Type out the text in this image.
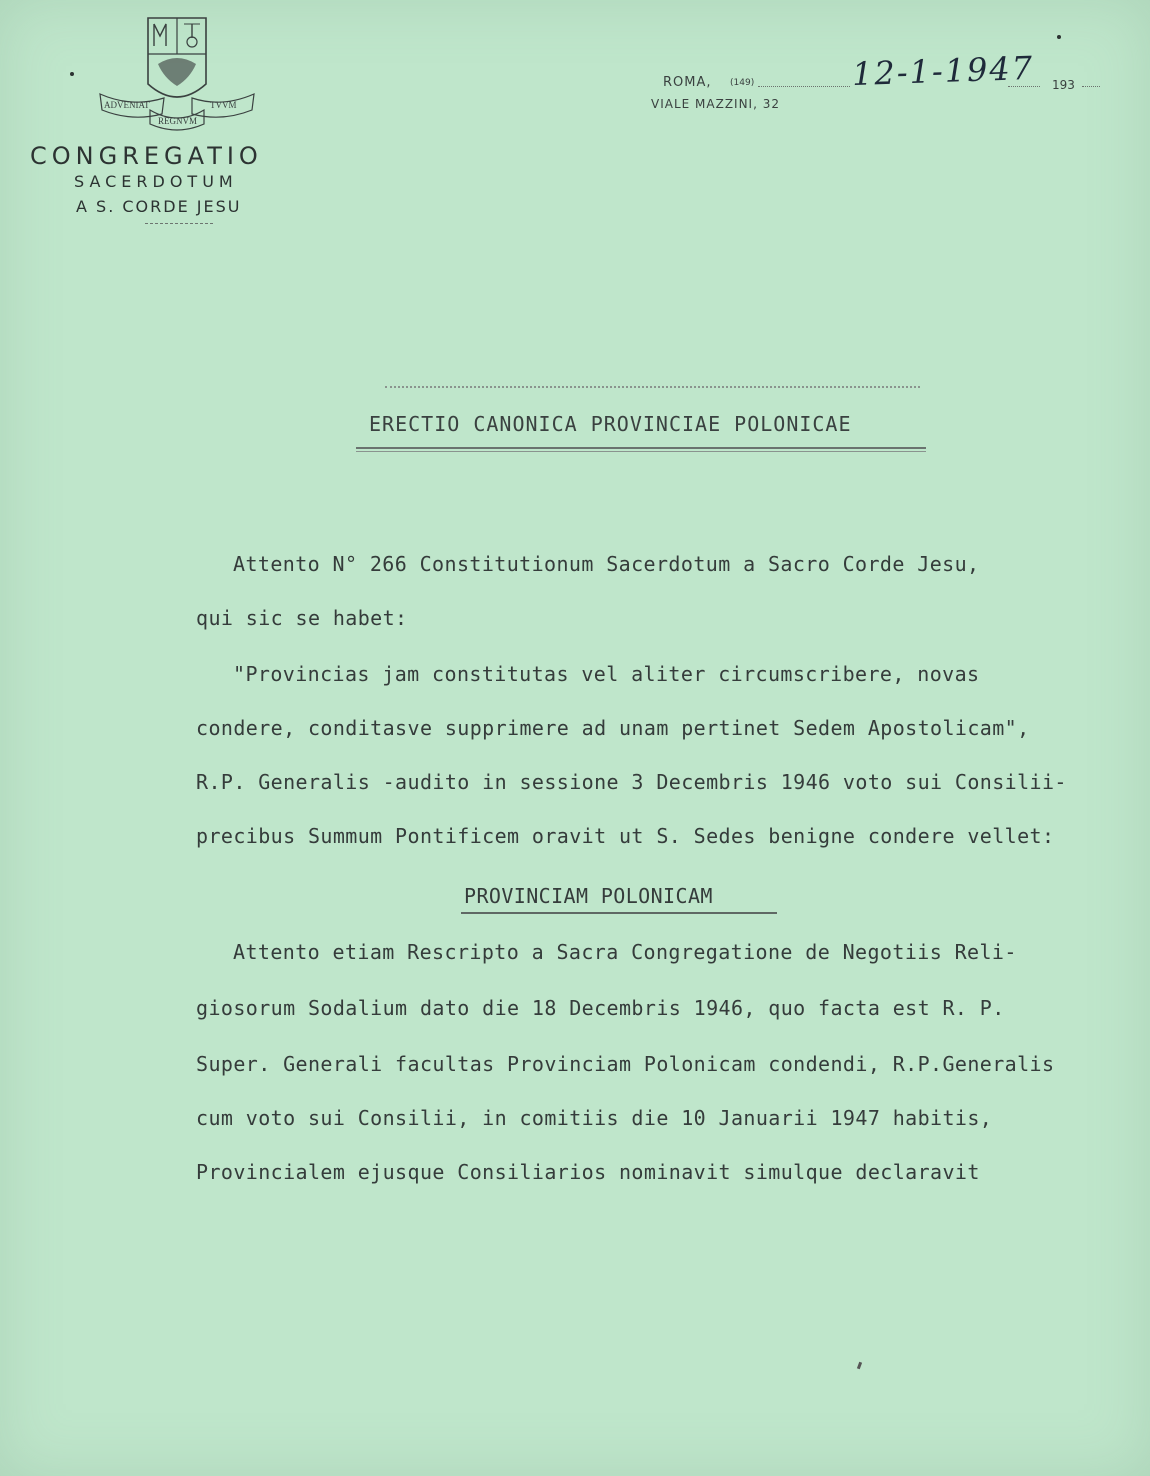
ADVENIAT	TVVM
REGNVM
CONGREGATIO
SACERDOTUM
A S. CORDE JESU
ROMA, (149)	12-1-1947 193
VIALE MAZZINI, 32
ERECTIO CANONICA PROVINCIAE POLONICAE
Attento N° 266 Constitutionum Sacerdotum a Sacro Corde Jesu,
qui sic se habet:
"Provincias jam constitutas vel aliter circumscribere, novas
condere, conditasve supprimere ad unam pertinet Sedem Apostolicam",
R.P. Generalis -audito in sessione 3 Decembris 1946 voto sui Consilii-
precibus Summum Pontificem oravit ut S. Sedes benigne condere vellet:
PROVINCIAM POLONICAM
Attento etiam Rescripto a Sacra Congregatione de Negotiis Reli-
giosorum Sodalium dato die 18 Decembris 1946, quo facta est R. P.
Super. Generali facultas Provinciam Polonicam condendi, R.P.Generalis
cum voto sui Consilii, in comitiis die 10 Januarii 1947 habitis,
Provincialem ejusque Consiliarios nominavit simulque declaravit
